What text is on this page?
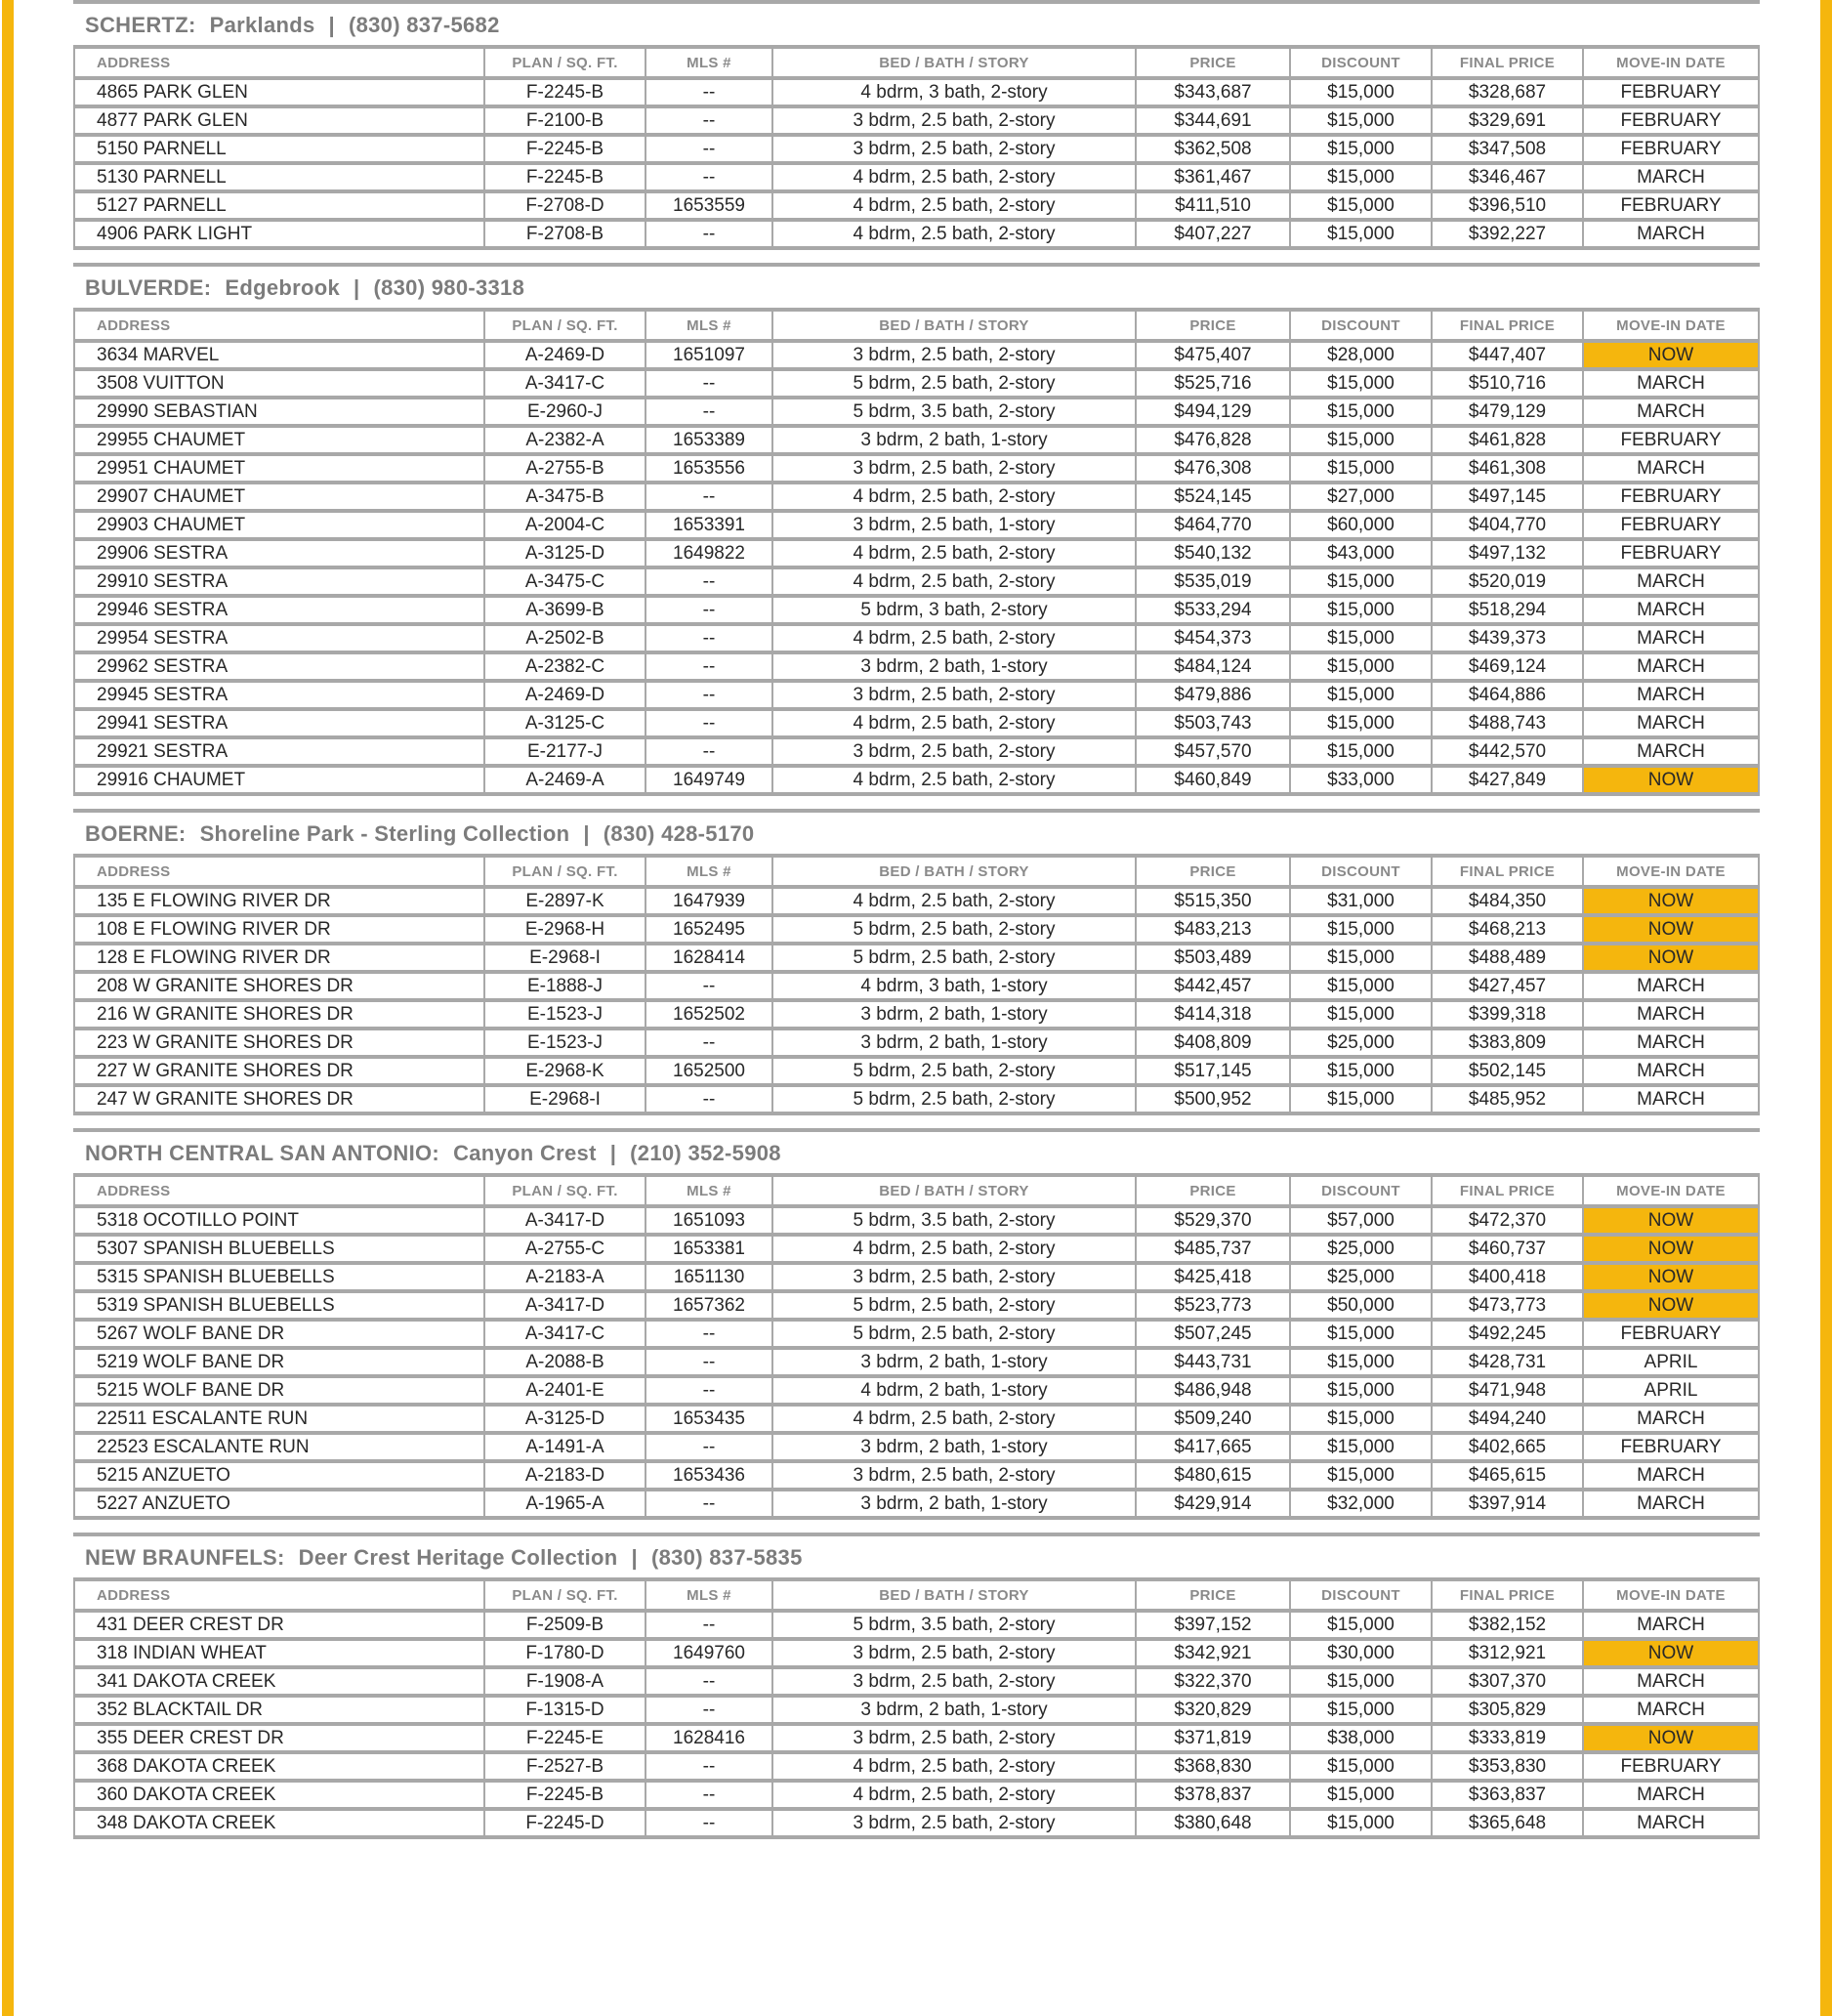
SCHERTZ: Parklands | (830) 837-5682
ADDRESS	PLAN / SQ. FT.	MLS #	BED / BATH / STORY	PRICE	DISCOUNT	FINAL PRICE	MOVE-IN DATE
4865 PARK GLEN	F-2245-B	--	4 bdrm, 3 bath, 2-story	$343,687	$15,000	$328,687	FEBRUARY
4877 PARK GLEN	F-2100-B	--	3 bdrm, 2.5 bath, 2-story	$344,691	$15,000	$329,691	FEBRUARY
5150 PARNELL	F-2245-B	--	3 bdrm, 2.5 bath, 2-story	$362,508	$15,000	$347,508	FEBRUARY
5130 PARNELL	F-2245-B	--	4 bdrm, 2.5 bath, 2-story	$361,467	$15,000	$346,467	MARCH
5127 PARNELL	F-2708-D	1653559	4 bdrm, 2.5 bath, 2-story	$411,510	$15,000	$396,510	FEBRUARY
4906 PARK LIGHT	F-2708-B	--	4 bdrm, 2.5 bath, 2-story	$407,227	$15,000	$392,227	MARCH
BULVERDE: Edgebrook | (830) 980-3318
ADDRESS	PLAN / SQ. FT.	MLS #	BED / BATH / STORY	PRICE	DISCOUNT	FINAL PRICE	MOVE-IN DATE
3634 MARVEL	A-2469-D	1651097	3 bdrm, 2.5 bath, 2-story	$475,407	$28,000	$447,407	NOW
3508 VUITTON	A-3417-C	--	5 bdrm, 2.5 bath, 2-story	$525,716	$15,000	$510,716	MARCH
29990 SEBASTIAN	E-2960-J	--	5 bdrm, 3.5 bath, 2-story	$494,129	$15,000	$479,129	MARCH
29955 CHAUMET	A-2382-A	1653389	3 bdrm, 2 bath, 1-story	$476,828	$15,000	$461,828	FEBRUARY
29951 CHAUMET	A-2755-B	1653556	3 bdrm, 2.5 bath, 2-story	$476,308	$15,000	$461,308	MARCH
29907 CHAUMET	A-3475-B	--	4 bdrm, 2.5 bath, 2-story	$524,145	$27,000	$497,145	FEBRUARY
29903 CHAUMET	A-2004-C	1653391	3 bdrm, 2.5 bath, 1-story	$464,770	$60,000	$404,770	FEBRUARY
29906 SESTRA	A-3125-D	1649822	4 bdrm, 2.5 bath, 2-story	$540,132	$43,000	$497,132	FEBRUARY
29910 SESTRA	A-3475-C	--	4 bdrm, 2.5 bath, 2-story	$535,019	$15,000	$520,019	MARCH
29946 SESTRA	A-3699-B	--	5 bdrm, 3 bath, 2-story	$533,294	$15,000	$518,294	MARCH
29954 SESTRA	A-2502-B	--	4 bdrm, 2.5 bath, 2-story	$454,373	$15,000	$439,373	MARCH
29962 SESTRA	A-2382-C	--	3 bdrm, 2 bath, 1-story	$484,124	$15,000	$469,124	MARCH
29945 SESTRA	A-2469-D	--	3 bdrm, 2.5 bath, 2-story	$479,886	$15,000	$464,886	MARCH
29941 SESTRA	A-3125-C	--	4 bdrm, 2.5 bath, 2-story	$503,743	$15,000	$488,743	MARCH
29921 SESTRA	E-2177-J	--	3 bdrm, 2.5 bath, 2-story	$457,570	$15,000	$442,570	MARCH
29916 CHAUMET	A-2469-A	1649749	4 bdrm, 2.5 bath, 2-story	$460,849	$33,000	$427,849	NOW
BOERNE: Shoreline Park - Sterling Collection | (830) 428-5170
ADDRESS	PLAN / SQ. FT.	MLS #	BED / BATH / STORY	PRICE	DISCOUNT	FINAL PRICE	MOVE-IN DATE
135 E FLOWING RIVER DR	E-2897-K	1647939	4 bdrm, 2.5 bath, 2-story	$515,350	$31,000	$484,350	NOW
108 E FLOWING RIVER DR	E-2968-H	1652495	5 bdrm, 2.5 bath, 2-story	$483,213	$15,000	$468,213	NOW
128 E FLOWING RIVER DR	E-2968-I	1628414	5 bdrm, 2.5 bath, 2-story	$503,489	$15,000	$488,489	NOW
208 W GRANITE SHORES DR	E-1888-J	--	4 bdrm, 3 bath, 1-story	$442,457	$15,000	$427,457	MARCH
216 W GRANITE SHORES DR	E-1523-J	1652502	3 bdrm, 2 bath, 1-story	$414,318	$15,000	$399,318	MARCH
223 W GRANITE SHORES DR	E-1523-J	--	3 bdrm, 2 bath, 1-story	$408,809	$25,000	$383,809	MARCH
227 W GRANITE SHORES DR	E-2968-K	1652500	5 bdrm, 2.5 bath, 2-story	$517,145	$15,000	$502,145	MARCH
247 W GRANITE SHORES DR	E-2968-I	--	5 bdrm, 2.5 bath, 2-story	$500,952	$15,000	$485,952	MARCH
NORTH CENTRAL SAN ANTONIO: Canyon Crest | (210) 352-5908
ADDRESS	PLAN / SQ. FT.	MLS #	BED / BATH / STORY	PRICE	DISCOUNT	FINAL PRICE	MOVE-IN DATE
5318 OCOTILLO POINT	A-3417-D	1651093	5 bdrm, 3.5 bath, 2-story	$529,370	$57,000	$472,370	NOW
5307 SPANISH BLUEBELLS	A-2755-C	1653381	4 bdrm, 2.5 bath, 2-story	$485,737	$25,000	$460,737	NOW
5315 SPANISH BLUEBELLS	A-2183-A	1651130	3 bdrm, 2.5 bath, 2-story	$425,418	$25,000	$400,418	NOW
5319 SPANISH BLUEBELLS	A-3417-D	1657362	5 bdrm, 2.5 bath, 2-story	$523,773	$50,000	$473,773	NOW
5267 WOLF BANE DR	A-3417-C	--	5 bdrm, 2.5 bath, 2-story	$507,245	$15,000	$492,245	FEBRUARY
5219 WOLF BANE DR	A-2088-B	--	3 bdrm, 2 bath, 1-story	$443,731	$15,000	$428,731	APRIL
5215 WOLF BANE DR	A-2401-E	--	4 bdrm, 2 bath, 1-story	$486,948	$15,000	$471,948	APRIL
22511 ESCALANTE RUN	A-3125-D	1653435	4 bdrm, 2.5 bath, 2-story	$509,240	$15,000	$494,240	MARCH
22523 ESCALANTE RUN	A-1491-A	--	3 bdrm, 2 bath, 1-story	$417,665	$15,000	$402,665	FEBRUARY
5215 ANZUETO	A-2183-D	1653436	3 bdrm, 2.5 bath, 2-story	$480,615	$15,000	$465,615	MARCH
5227 ANZUETO	A-1965-A	--	3 bdrm, 2 bath, 1-story	$429,914	$32,000	$397,914	MARCH
NEW BRAUNFELS: Deer Crest Heritage Collection | (830) 837-5835
ADDRESS	PLAN / SQ. FT.	MLS #	BED / BATH / STORY	PRICE	DISCOUNT	FINAL PRICE	MOVE-IN DATE
431 DEER CREST DR	F-2509-B	--	5 bdrm, 3.5 bath, 2-story	$397,152	$15,000	$382,152	MARCH
318 INDIAN WHEAT	F-1780-D	1649760	3 bdrm, 2.5 bath, 2-story	$342,921	$30,000	$312,921	NOW
341 DAKOTA CREEK	F-1908-A	--	3 bdrm, 2.5 bath, 2-story	$322,370	$15,000	$307,370	MARCH
352 BLACKTAIL DR	F-1315-D	--	3 bdrm, 2 bath, 1-story	$320,829	$15,000	$305,829	MARCH
355 DEER CREST DR	F-2245-E	1628416	3 bdrm, 2.5 bath, 2-story	$371,819	$38,000	$333,819	NOW
368 DAKOTA CREEK	F-2527-B	--	4 bdrm, 2.5 bath, 2-story	$368,830	$15,000	$353,830	FEBRUARY
360 DAKOTA CREEK	F-2245-B	--	4 bdrm, 2.5 bath, 2-story	$378,837	$15,000	$363,837	MARCH
348 DAKOTA CREEK	F-2245-D	--	3 bdrm, 2.5 bath, 2-story	$380,648	$15,000	$365,648	MARCH
